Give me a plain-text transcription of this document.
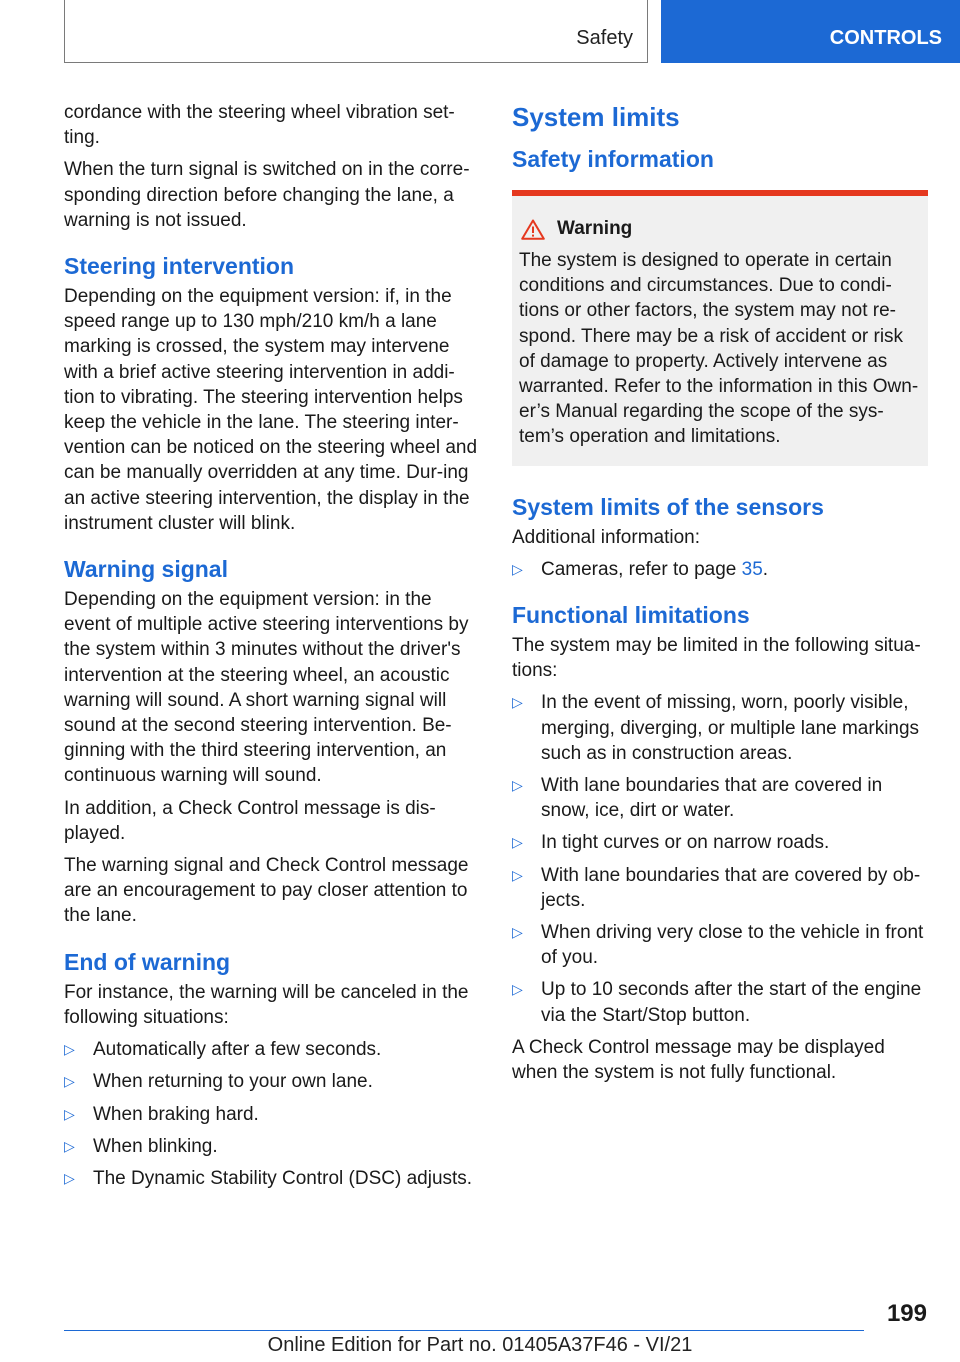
Safety	CONTROLS

cordance with the steering wheel vibration set-ting.

When the turn signal is switched on in the corre-sponding direction before changing the lane, a warning is not issued.

Steering intervention

Depending on the equipment version: if, in the speed range up to 130 mph/210 km/h a lane marking is crossed, the system may intervene with a brief active steering intervention in addi-tion to vibrating. The steering intervention helps keep the vehicle in the lane. The steering inter-vention can be noticed on the steering wheel and can be manually overridden at any time. Dur-ing an active steering intervention, the display in the instrument cluster will blink.

Warning signal

Depending on the equipment version: in the event of multiple active steering interventions by the system within 3 minutes without the driver's intervention at the steering wheel, an acoustic warning will sound. A short warning signal will sound at the second steering intervention. Be-ginning with the third steering intervention, an continuous warning will sound.

In addition, a Check Control message is dis-played.

The warning signal and Check Control message are an encouragement to pay closer attention to the lane.

End of warning

For instance, the warning will be canceled in the following situations:

▷ Automatically after a few seconds.
▷ When returning to your own lane.
▷ When braking hard.
▷ When blinking.
▷ The Dynamic Stability Control (DSC) adjusts.
System limits
Safety information
Warning

The system is designed to operate in certain conditions and circumstances. Due to condi-tions or other factors, the system may not re-spond. There may be a risk of accident or risk of damage to property. Actively intervene as warranted. Refer to the information in this Own-er’s Manual regarding the scope of the sys-tem’s operation and limitations.

System limits of the sensors

Additional information:

▷ Cameras, refer to page 35.
Functional limitations

The system may be limited in the following situa-tions:

▷ In the event of missing, worn, poorly visible, merging, diverging, or multiple lane markings such as in construction areas.
▷ With lane boundaries that are covered in snow, ice, dirt or water.
▷ In tight curves or on narrow roads.
▷ With lane boundaries that are covered by ob-jects.
▷ When driving very close to the vehicle in front of you.
▷ Up to 10 seconds after the start of the engine via the Start/Stop button.

A Check Control message may be displayed when the system is not fully functional.

199
Online Edition for Part no. 01405A37F46 - VI/21
